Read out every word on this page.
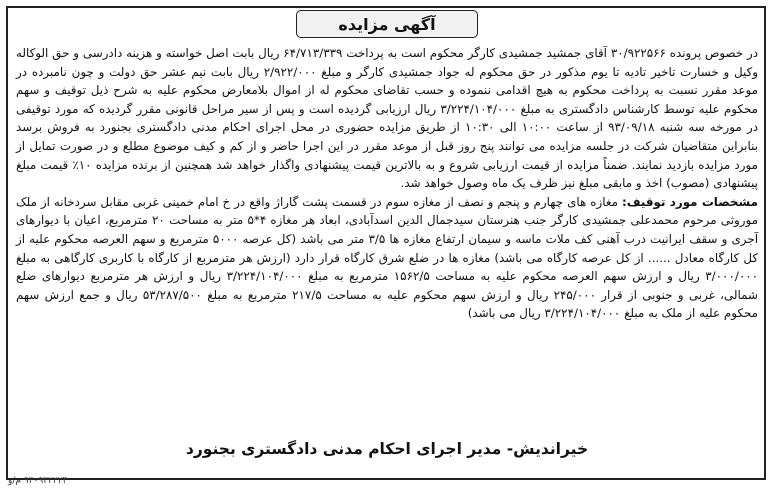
آگهی مزایده

در خصوص پرونده ۳۰/۹۲۲۵۶۶ آقای جمشید جمشیدی کارگر محکوم است به پرداخت ۶۴/۷۱۳/۳۳۹ ریال بابت اصل خواسته و هزینه دادرسی و حق الوکاله وکیل و خسارت تاخیر تادیه تا یوم مذکور در حق محکوم له جواد جمشیدی کارگر و مبلغ ۲/۹۲۲/۰۰۰ ریال بابت نیم عشر حق دولت و چون نامبرده در موعد مقرر نسبت به پرداخت محکوم به هیچ اقدامی ننموده و حسب تقاضای محکوم له از اموال بلامعارض محکوم علیه به شرح ذیل توقیف و سهم محکوم علیه توسط کارشناس دادگستری به مبلغ ۳/۲۲۴/۱۰۴/۰۰۰ ریال ارزیابی گردیده است و پس از سیر مراحل قانونی مقرر گردیده که مورد توقیفی در مورخه سه شنبه ۹۳/۰۹/۱۸ از ساعت ۱۰:۰۰ الی ۱۰:۳۰ از طریق مزایده حضوری در محل اجرای احکام مدنی دادگستری بجنورد به فروش برسد بنابراین متقاضیان شرکت در جلسه مزایده می توانند پنج روز قبل از موعد مقرر در این اجرا حاضر و از کم و کیف موضوع مطلع و در صورت تمایل از مورد مزایده بازدید نمایند. ضمناً مزایده از قیمت ارزیابی شروع و به بالاترین قیمت پیشنهادی واگذار خواهد شد همچنین از برنده مزایده ۱۰٪ قیمت مبلغ پیشنهادی (مصوب) اخذ و مابقی مبلغ نیز ظرف یک ماه وصول خواهد شد.

مشخصات مورد توقیف: مغازه های چهارم و پنجم و نصف از مغازه سوم در قسمت پشت گاراژ واقع در خ امام خمینی غربی مقابل سردخانه از ملک موروثی مرحوم محمدعلی جمشیدی کارگر جنب هنرستان سیدجمال الدین اسدآبادی، ابعاد هر مغازه ۴*۵ متر به مساحت ۲۰ مترمربع، اعیان با دیوارهای آجری و سقف ایرانیت درب آهنی کف ملات ماسه و سیمان ارتفاع مغازه ها ۳/۵ متر می باشد (کل عرصه ۵۰۰۰ مترمربع و سهم العرصه محکوم علیه از کل کارگاه معادل ...... از کل عرصه کارگاه می باشد) مغازه ها در ضلع شرق کارگاه قرار دارد (ارزش هر مترمربع از کارگاه با کاربری کارگاهی به مبلغ ۳/۰۰۰/۰۰۰ ریال و ارزش سهم العرصه محکوم علیه به مساحت ۱۵۶۲/۵ مترمربع به مبلغ ۳/۲۲۴/۱۰۴/۰۰۰ ریال و ارزش هر مترمربع دیوارهای ضلع شمالی، غربی و جنوبی از قرار ۲۴۵/۰۰۰ ریال و ارزش سهم محکوم علیه به مساحت ۲۱۷/۵ مترمربع به مبلغ ۵۳/۲۸۷/۵۰۰ ریال و جمع ارزش سهم محکوم علیه از ملک به مبلغ ۳/۲۲۴/۱۰۴/۰۰۰ ریال می باشد)

خیراندیش- مدیر اجرای احکام مدنی دادگستری بجنورد
۹۳۰۹۳۲۲۲۴ م/و
